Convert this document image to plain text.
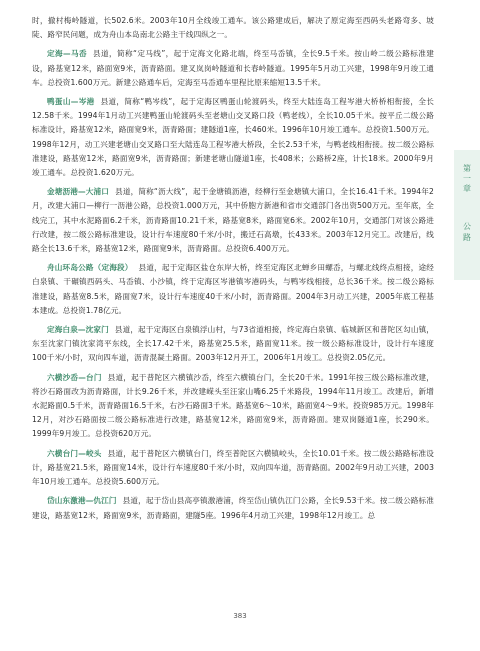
时，撤村梅岭隧道，长502.6米。2003年10月全线竣工通车。该公路建成后，解决了原定海至西码头老路弯多、坡陡、路窄民问题，成为舟山本岛南北公路主干线四纵之一。

定海—马岙 县道，简称“定马线”，起于定海文化路北端，终至马岙镇，全长9.5千米。按山岭二级公路标准建设，路基宽12米，路面宽9米，沥青路面。建叉岚岗岭隧道和长春岭隧道。1995年5月动工兴建，1998年9月竣工通车。总投资1.600万元。新建公路通车后，定海至马岙通车里程比原来缩短13.5千米。

鸭蛋山—岑港 县道，简称“鸭岑线”，起于定海区鸭蛋山轮渡码头，终至大陆连岛工程岑港大桥桥相衔接，全长12.58千米。1994年1月动工兴建鸭蛋山轮渡码头至老塘山交叉路口段（鸭老线），全长10.05千米。按平丘二级公路标准设计，路基宽12米，路面宽9米，沥青路面；建隧道1座，长460米。1996年10月竣工通车。总投资1.500万元。1998年12月，动工兴建老塘山交叉路口至大陆连岛工程岑港大桥段，全长2.53千米，与鸭老线相衔接。按二级公路标准建设，路基宽12米，路面宽9米，沥青路面；新建老塘山隧道1座，长408米；公路桥2座，计长18米。2000年9月竣工通车。总投资1.620万元。

金塘沥港—大浦口 县道，简称“沥大线”，起于金塘镇沥港，经柳行至金塘镇大浦口，全长16.41千米。1994年2月，改建大浦口—柳行一沥港公路，总投资1.000万元，其中侨胞方新港和省市交通部门各出资500万元。至年底，全线完工，其中水泥路面6.2千米，沥青路面10.21千米，路基宽8米，路面宽6米。2002年10月，交通部门对该公路进行改建，按二级公路标准建设，设计行车速度80千米/小时，搬迁石高墩，长433米。2003年12月完工。改建后，线路全长13.6千米，路基宽12米，路面宽9米，沥青路面。总投资6.400万元。

舟山环岛公路（定海段） 县道，起于定海区盐仓东岸大桥，终至定海区北蝉乡田螺岙，与螺北线终点相接，途经白泉镇、干碾镇西码头、马岙镇、小沙镇，终于定海区岑港镇岑港码头，与鸭岑线相接，总长36千米。按二级公路标准建设，路基宽8.5米，路面宽7米，设计行车速度40千米/小时，沥青路面。2004年3月动工兴建，2005年底工程基本建成。总投资1.78亿元。

定海白泉—沈家门 县道，起于定海区白泉镇浮山村，与73省道相接，终定海白泉镇、临城新区和普陀区勾山镇，东至沈家门镇沈家湾平东线，全长17.42千米，路基宽25.5米，路面宽11米。按一级公路标准设计，设计行车速度100千米/小时，双向四车道，沥青混凝土路面。2003年12月开工，2006年1月竣工。总投资2.05亿元。

六横沙岙—台门 县道，起于普陀区六横镇沙岙，终至六横镇台门，全长20千米。1991年按三级公路标准改建，将沙石路面改为沥青路面，计长9.26千米，并改建嵘头至汪家山嘴6.25千米路段，1994年11月竣工。改建后，新增水泥路面0.5千米，沥青路面16.5千米，右沙石路面3千米。路基宽6～10米，路面宽4～9米。投资985万元。1998年12月，对沙石路面按二级公路标准进行改建，路基宽12米，路面宽9米，沥青路面。建双岗隧道1座，长290米。1999年9月竣工。总投资620万元。

六横台门—峧头 县道，起于普陀区六横镇台门，终至普陀区六横镇峧头，全长10.01千米。按二级公路路标准设计，路基宽21.5米，路面宽14米，设计行车速度80千米/小时，双向四车道，沥青路面。2002年9月动工兴建，2003年10月竣工通车。总投资5.600万元。

岱山东激港—仇江门 县道，起于岱山县高亭镇激港浦，终至岱山镇仇江门公路，全长9.53千米。按二级公路标准建设，路基宽12米，路面宽9米，沥青路面，建隧5座。1996年4月动工兴建，1998年12月竣工。总

第一章
公路
383
